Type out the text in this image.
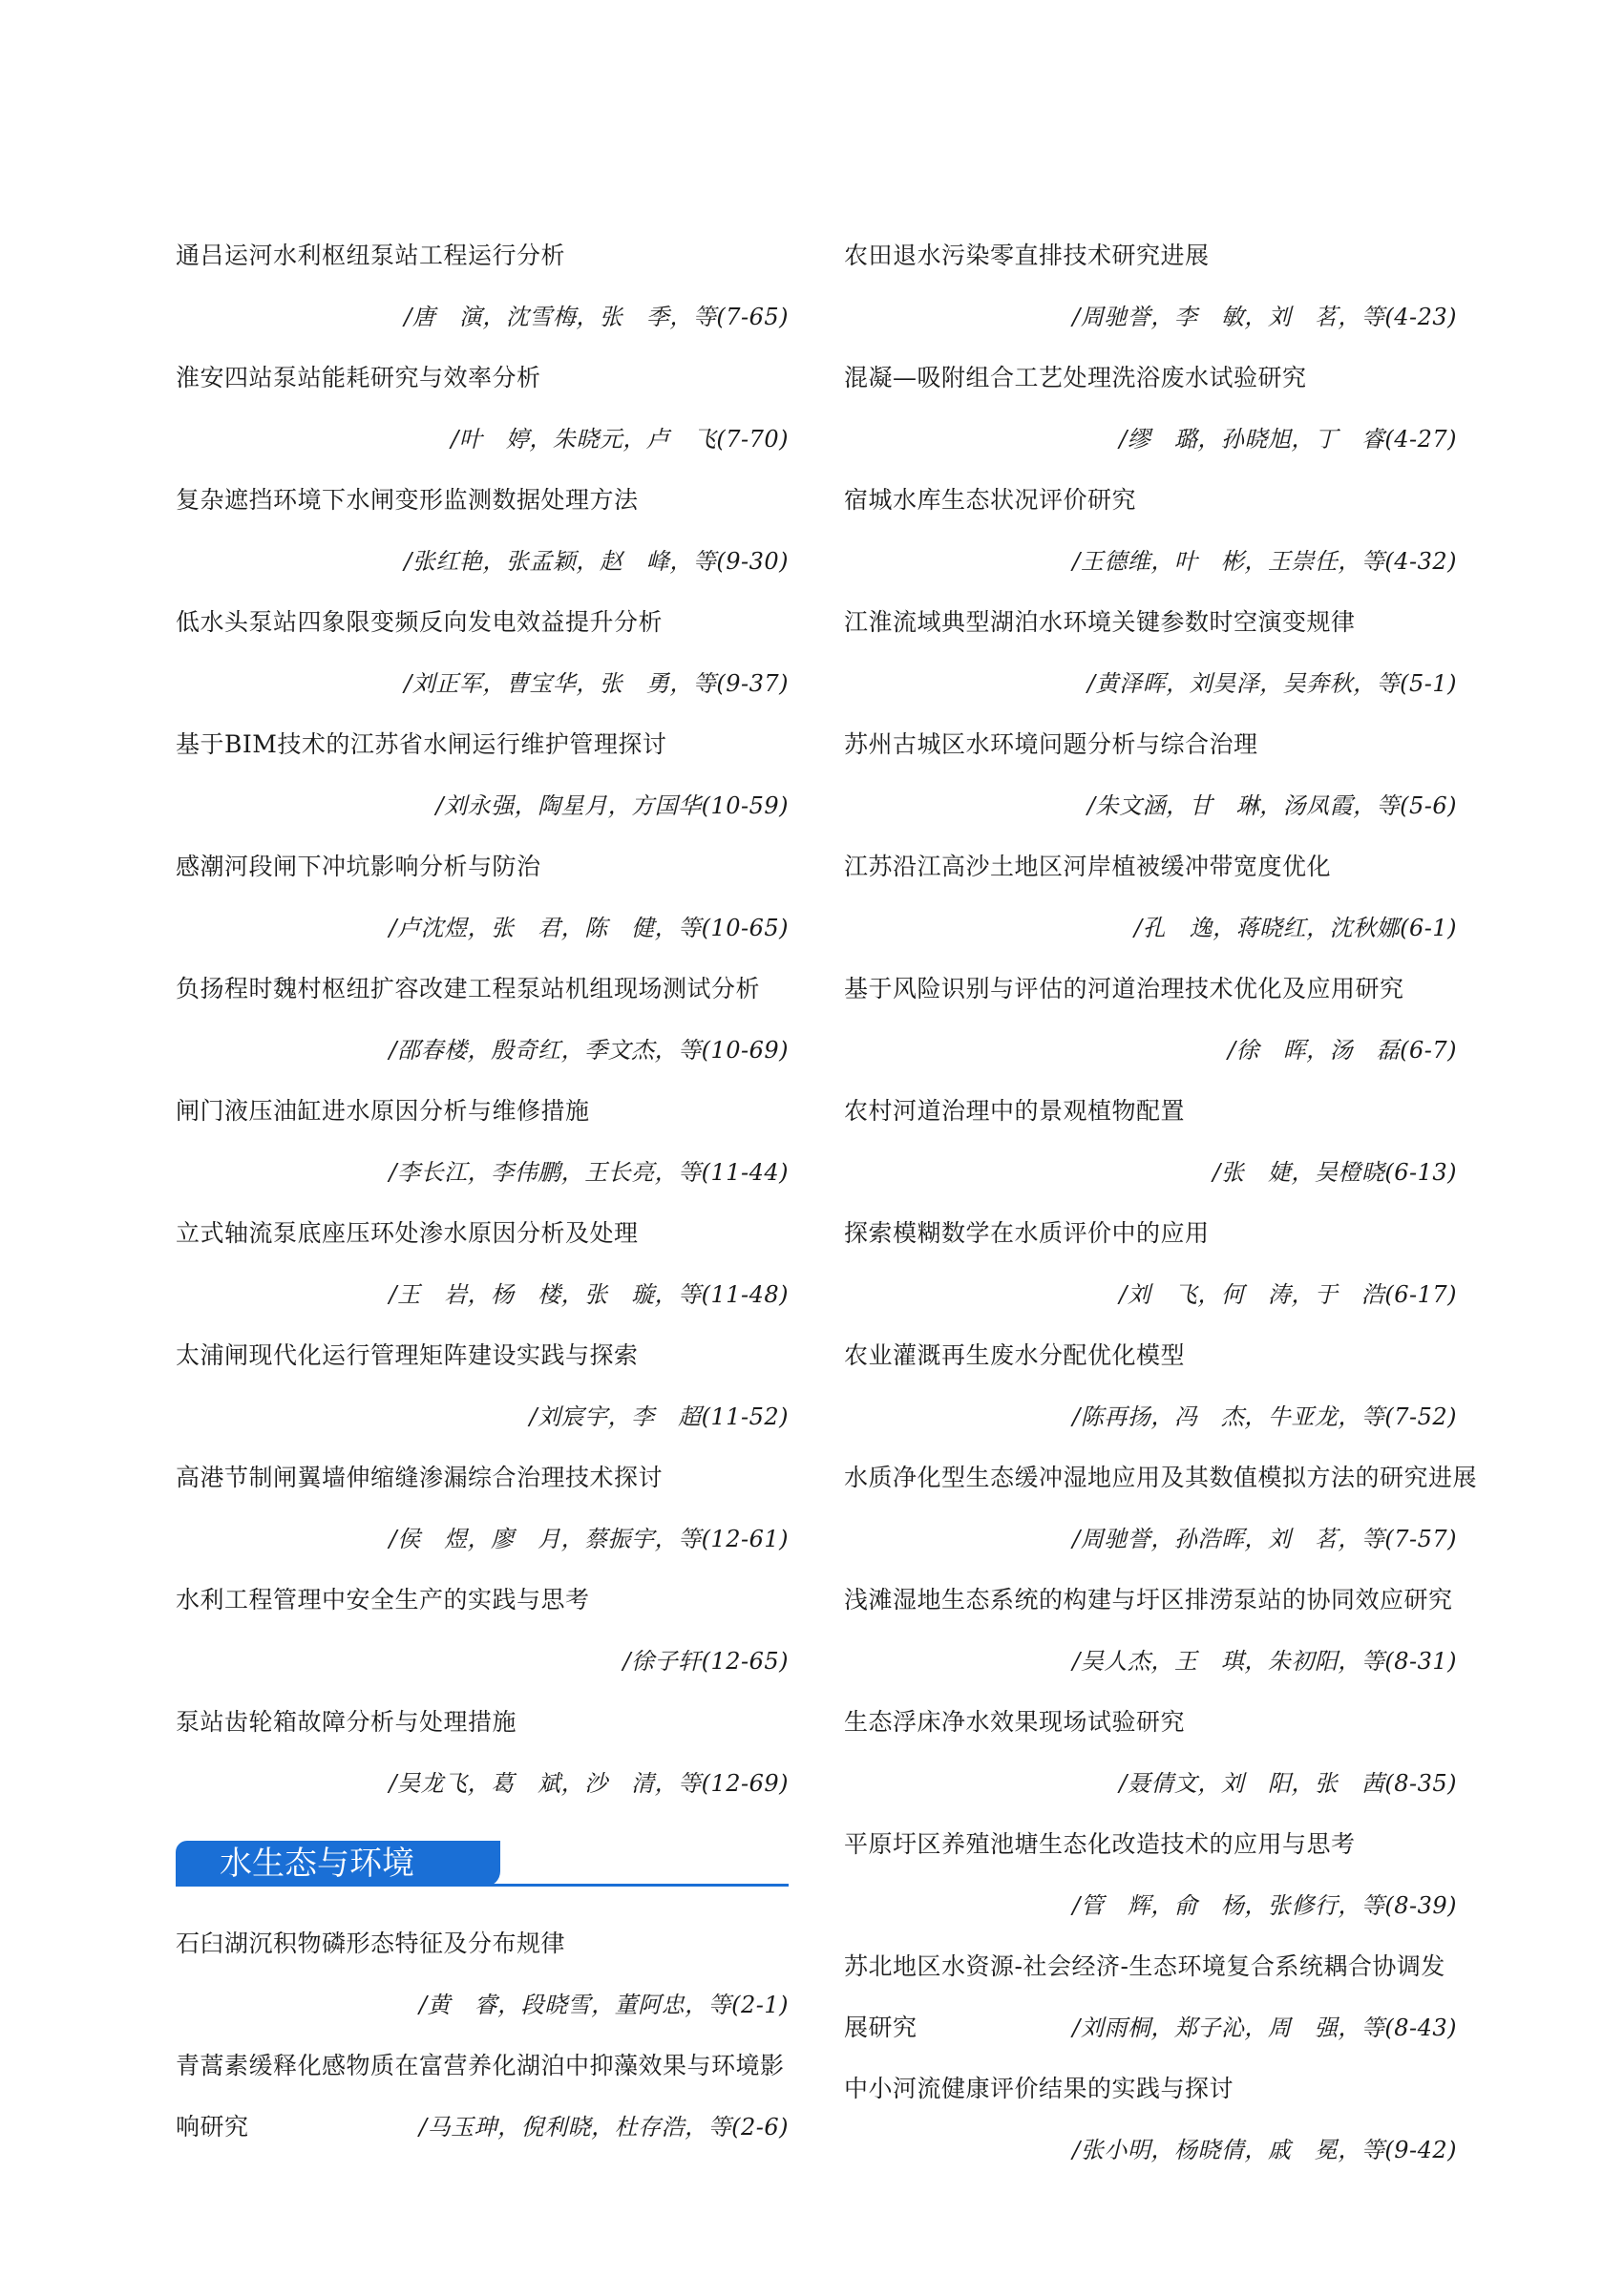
通吕运河水利枢纽泵站工程运行分析
/唐　演，沈雪梅，张　季，等(7-65)
淮安四站泵站能耗研究与效率分析
/叶　婷，朱晓元，卢　飞(7-70)
复杂遮挡环境下水闸变形监测数据处理方法
/张红艳，张孟颖，赵　峰，等(9-30)
低水头泵站四象限变频反向发电效益提升分析
/刘正军，曹宝华，张　勇，等(9-37)
基于BIM技术的江苏省水闸运行维护管理探讨
/刘永强，陶星月，方国华(10-59)
感潮河段闸下冲坑影响分析与防治
/卢沈煜，张　君，陈　健，等(10-65)
负扬程时魏村枢纽扩容改建工程泵站机组现场测试分析
/邵春楼，殷奇红，季文杰，等(10-69)
闸门液压油缸进水原因分析与维修措施
/李长江，李伟鹏，王长亮，等(11-44)
立式轴流泵底座压环处渗水原因分析及处理
/王　岩，杨　楼，张　璇，等(11-48)
太浦闸现代化运行管理矩阵建设实践与探索
/刘宸宇，李　超(11-52)
高港节制闸翼墙伸缩缝渗漏综合治理技术探讨
/侯　煜，廖　月，蔡振宇，等(12-61)
水利工程管理中安全生产的实践与思考
/徐子轩(12-65)
泵站齿轮箱故障分析与处理措施
/吴龙飞，葛　斌，沙　清，等(12-69)
水生态与环境
石臼湖沉积物磷形态特征及分布规律
/黄　睿，段晓雪，董阿忠，等(2-1)
青蒿素缓释化感物质在富营养化湖泊中抑藻效果与环境影
响研究	/马玉珅，倪利晓，杜存浩，等(2-6)
农田退水污染零直排技术研究进展
/周驰誉，李　敏，刘　茗，等(4-23)
混凝—吸附组合工艺处理洗浴废水试验研究
/缪　璐，孙晓旭，丁　睿(4-27)
宿城水库生态状况评价研究
/王德维，叶　彬，王崇任，等(4-32)
江淮流域典型湖泊水环境关键参数时空演变规律
/黄泽晖，刘昊泽，吴奔秋，等(5-1)
苏州古城区水环境问题分析与综合治理
/朱文涵，甘　琳，汤凤霞，等(5-6)
江苏沿江高沙土地区河岸植被缓冲带宽度优化
/孔　逸，蒋晓红，沈秋娜(6-1)
基于风险识别与评估的河道治理技术优化及应用研究
/徐　晖，汤　磊(6-7)
农村河道治理中的景观植物配置
/张　婕，吴橙晓(6-13)
探索模糊数学在水质评价中的应用
/刘　飞，何　涛，于　浩(6-17)
农业灌溉再生废水分配优化模型
/陈再扬，冯　杰，牛亚龙，等(7-52)
水质净化型生态缓冲湿地应用及其数值模拟方法的研究进展
/周驰誉，孙浩晖，刘　茗，等(7-57)
浅滩湿地生态系统的构建与圩区排涝泵站的协同效应研究
/吴人杰，王　琪，朱初阳，等(8-31)
生态浮床净水效果现场试验研究
/聂倩文，刘　阳，张　茜(8-35)
平原圩区养殖池塘生态化改造技术的应用与思考
/管　辉，俞　杨，张修行，等(8-39)
苏北地区水资源-社会经济-生态环境复合系统耦合协调发
展研究	/刘雨桐，郑子沁，周　强，等(8-43)
中小河流健康评价结果的实践与探讨
/张小明，杨晓倩，戚　冕，等(9-42)
